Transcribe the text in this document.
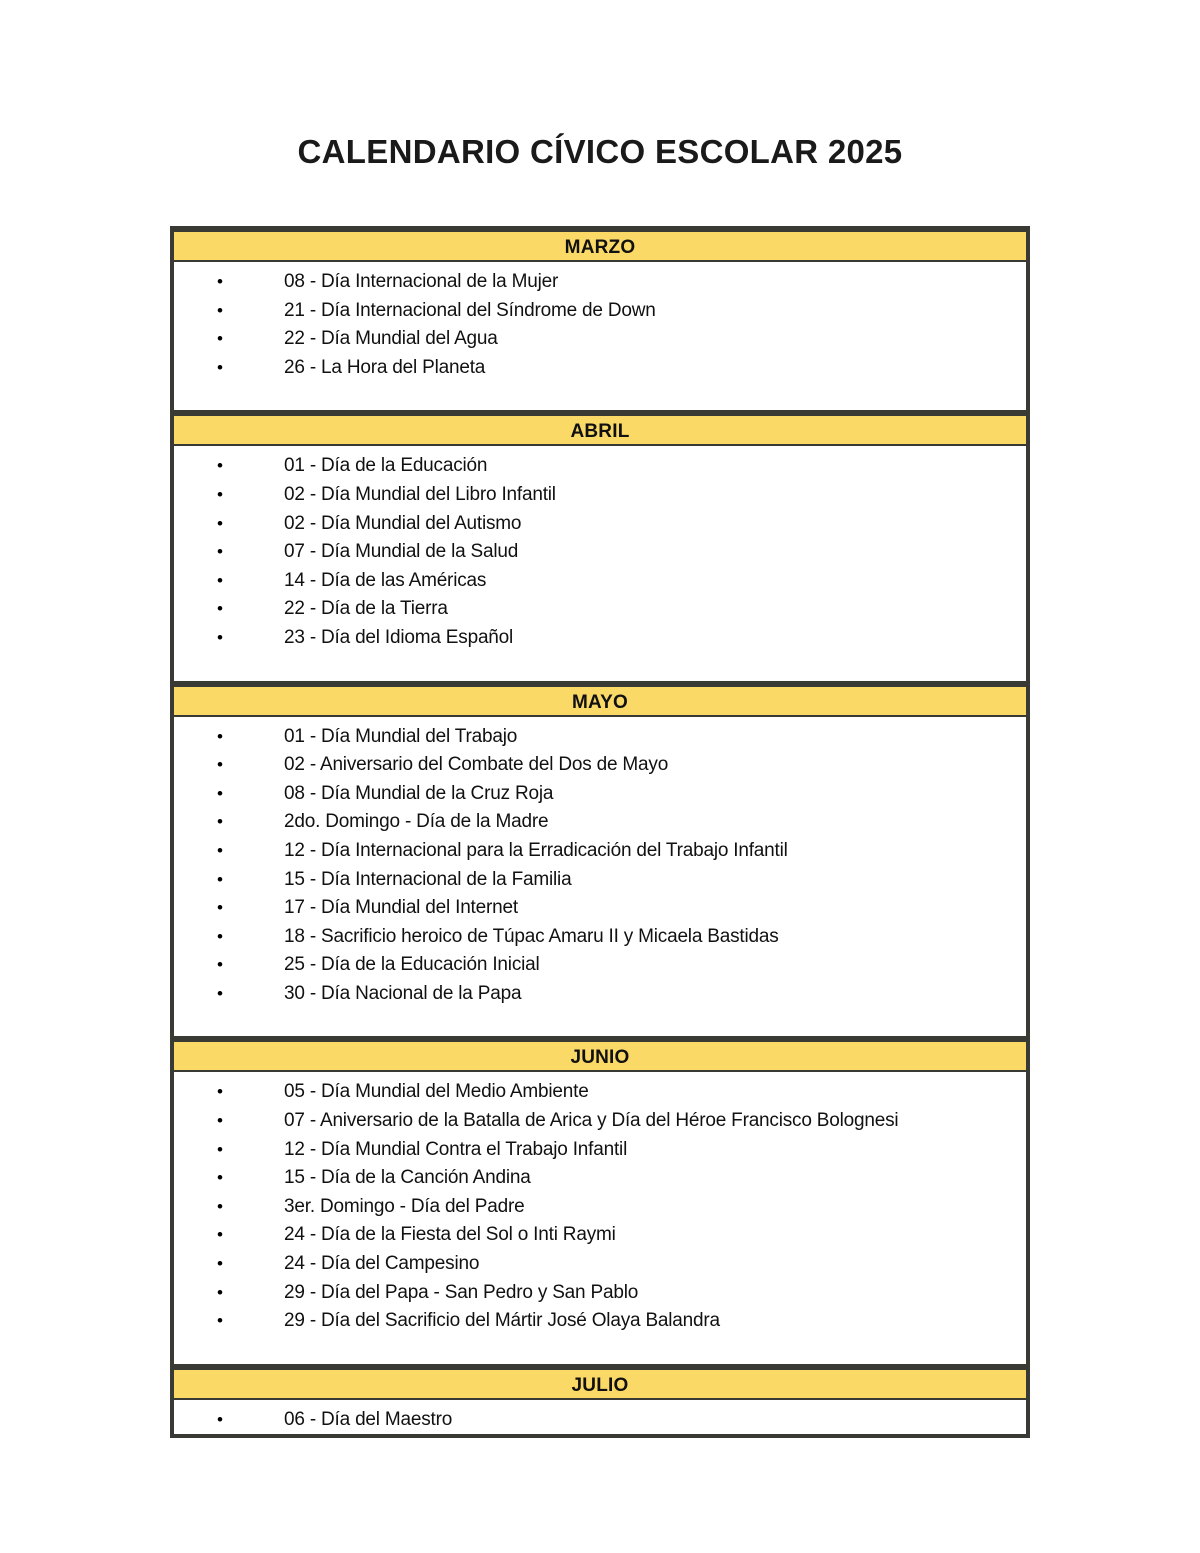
CALENDARIO CÍVICO ESCOLAR 2025
MARZO
•	08 - Día Internacional de la Mujer
•	21 - Día Internacional del Síndrome de Down
•	22 - Día Mundial del Agua
•	26 - La Hora del Planeta
ABRIL
•	01 - Día de la Educación
•	02 - Día Mundial del Libro Infantil
•	02 - Día Mundial del Autismo
•	07 - Día Mundial de la Salud
•	14 - Día de las Américas
•	22 - Día de la Tierra
•	23 - Día del Idioma Español
MAYO
•	01 - Día Mundial del Trabajo
•	02 - Aniversario del Combate del Dos de Mayo
•	08 - Día Mundial de la Cruz Roja
•	2do. Domingo - Día de la Madre
•	12 - Día Internacional para la Erradicación del Trabajo Infantil
•	15 - Día Internacional de la Familia
•	17 - Día Mundial del Internet
•	18 - Sacrificio heroico de Túpac Amaru II y Micaela Bastidas
•	25 - Día de la Educación Inicial
•	30 - Día Nacional de la Papa
JUNIO
•	05 - Día Mundial del Medio Ambiente
•	07 - Aniversario de la Batalla de Arica y Día del Héroe Francisco Bolognesi
•	12 - Día Mundial Contra el Trabajo Infantil
•	15 - Día de la Canción Andina
•	3er. Domingo - Día del Padre
•	24 - Día de la Fiesta del Sol o Inti Raymi
•	24 - Día del Campesino
•	29 - Día del Papa - San Pedro y San Pablo
•	29 - Día del Sacrificio del Mártir José Olaya Balandra
JULIO
•	06 - Día del Maestro
